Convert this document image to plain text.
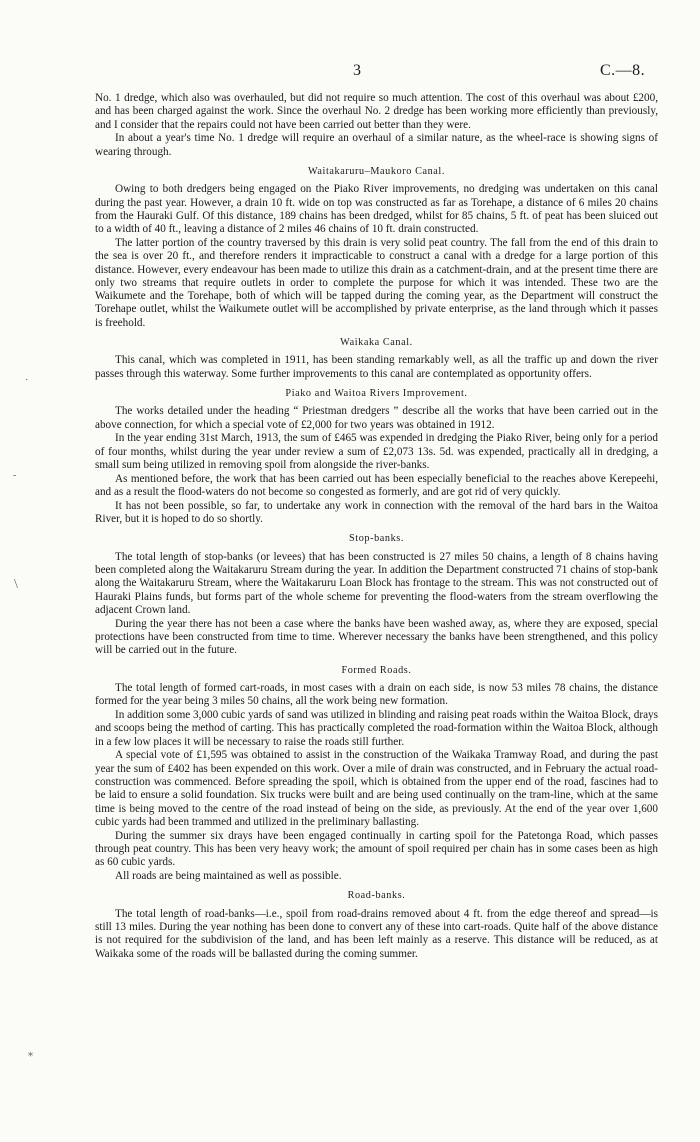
3	C.—8.
·
-
\
⁎

No. 1 dredge, which also was overhauled, but did not require so much attention. The cost of this overhaul was about £200, and has been charged against the work. Since the overhaul No. 2 dredge has been working more efficiently than previously, and I consider that the repairs could not have been carried out better than they were.

In about a year's time No. 1 dredge will require an overhaul of a similar nature, as the wheel-race is showing signs of wearing through.

Waitakaruru–Maukoro Canal.

Owing to both dredgers being engaged on the Piako River improvements, no dredging was undertaken on this canal during the past year. However, a drain 10 ft. wide on top was constructed as far as Torehape, a distance of 6 miles 20 chains from the Hauraki Gulf. Of this distance, 189 chains has been dredged, whilst for 85 chains, 5 ft. of peat has been sluiced out to a width of 40 ft., leaving a distance of 2 miles 46 chains of 10 ft. drain constructed.

The latter portion of the country traversed by this drain is very solid peat country. The fall from the end of this drain to the sea is over 20 ft., and therefore renders it impracticable to construct a canal with a dredge for a large portion of this distance. However, every endeavour has been made to utilize this drain as a catchment-drain, and at the present time there are only two streams that require outlets in order to complete the purpose for which it was intended. These two are the Waikumete and the Torehape, both of which will be tapped during the coming year, as the Department will construct the Torehape outlet, whilst the Waikumete outlet will be accomplished by private enterprise, as the land through which it passes is freehold.

Waikaka Canal.

This canal, which was completed in 1911, has been standing remarkably well, as all the traffic up and down the river passes through this waterway. Some further improvements to this canal are contemplated as opportunity offers.

Piako and Waitoa Rivers Improvement.

The works detailed under the heading “ Priestman dredgers ” describe all the works that have been carried out in the above connection, for which a special vote of £2,000 for two years was obtained in 1912.

In the year ending 31st March, 1913, the sum of £465 was expended in dredging the Piako River, being only for a period of four months, whilst during the year under review a sum of £2,073 13s. 5d. was expended, practically all in dredging, a small sum being utilized in removing spoil from alongside the river-banks.

As mentioned before, the work that has been carried out has been especially beneficial to the reaches above Kerepeehi, and as a result the flood-waters do not become so congested as formerly, and are got rid of very quickly.

It has not been possible, so far, to undertake any work in connection with the removal of the hard bars in the Waitoa River, but it is hoped to do so shortly.

Stop-banks.

The total length of stop-banks (or levees) that has been constructed is 27 miles 50 chains, a length of 8 chains having been completed along the Waitakaruru Stream during the year. In addition the Department constructed 71 chains of stop-bank along the Waitakaruru Stream, where the Waitakaruru Loan Block has frontage to the stream. This was not constructed out of Hauraki Plains funds, but forms part of the whole scheme for preventing the flood-waters from the stream overflowing the adjacent Crown land.

During the year there has not been a case where the banks have been washed away, as, where they are exposed, special protections have been constructed from time to time. Wherever necessary the banks have been strengthened, and this policy will be carried out in the future.

Formed Roads.

The total length of formed cart-roads, in most cases with a drain on each side, is now 53 miles 78 chains, the distance formed for the year being 3 miles 50 chains, all the work being new formation.

In addition some 3,000 cubic yards of sand was utilized in blinding and raising peat roads within the Waitoa Block, drays and scoops being the method of carting. This has practically completed the road-formation within the Waitoa Block, although in a few low places it will be necessary to raise the roads still further.

A special vote of £1,595 was obtained to assist in the construction of the Waikaka Tramway Road, and during the past year the sum of £402 has been expended on this work. Over a mile of drain was constructed, and in February the actual road-construction was commenced. Before spreading the spoil, which is obtained from the upper end of the road, fascines had to be laid to ensure a solid foundation. Six trucks were built and are being used continually on the tram-line, which at the same time is being moved to the centre of the road instead of being on the side, as previously. At the end of the year over 1,600 cubic yards had been trammed and utilized in the preliminary ballasting.

During the summer six drays have been engaged continually in carting spoil for the Patetonga Road, which passes through peat country. This has been very heavy work; the amount of spoil required per chain has in some cases been as high as 60 cubic yards.

All roads are being maintained as well as possible.

Road-banks.

The total length of road-banks—i.e., spoil from road-drains removed about 4 ft. from the edge thereof and spread—is still 13 miles. During the year nothing has been done to convert any of these into cart-roads. Quite half of the above distance is not required for the subdivision of the land, and has been left mainly as a reserve. This distance will be reduced, as at Waikaka some of the roads will be ballasted during the coming summer.
